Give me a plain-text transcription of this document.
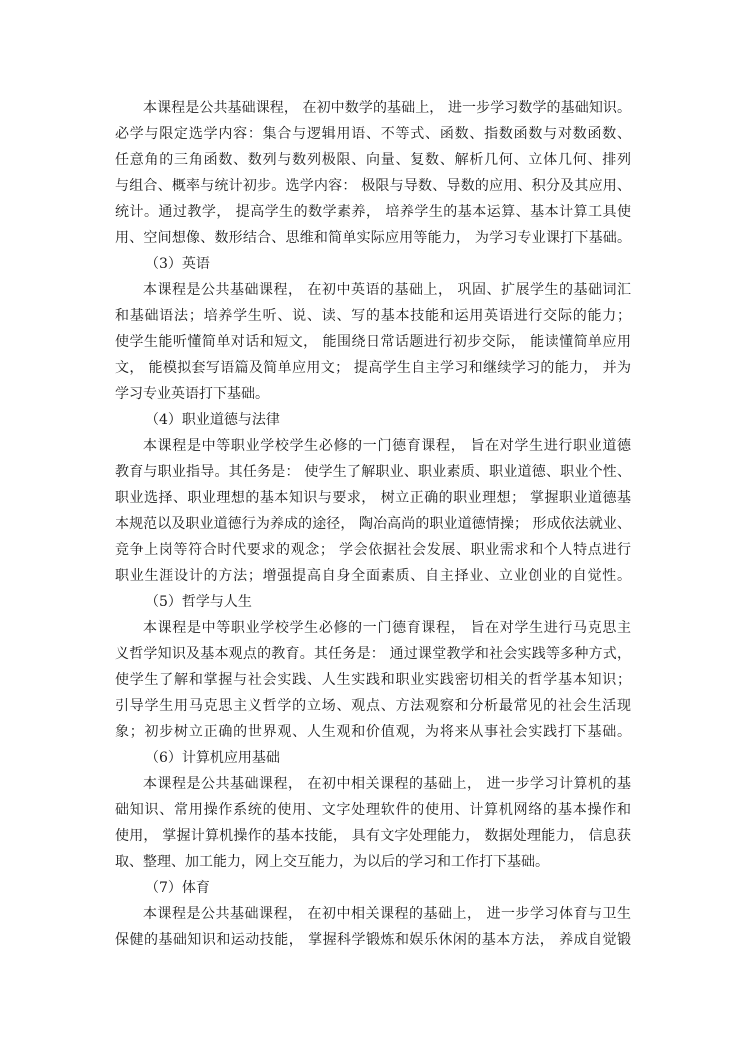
本课程是公共基础课程， 在初中数学的基础上， 进一步学习数学的基础知识。
必学与限定选学内容：集合与逻辑用语、不等式、函数、指数函数与对数函数、
任意角的三角函数、数列与数列极限、向量、复数、解析几何、立体几何、排列
与组合、概率与统计初步。选学内容： 极限与导数、导数的应用、积分及其应用、
统计。通过教学， 提高学生的数学素养， 培养学生的基本运算、基本计算工具使
用、空间想像、数形结合、思维和简单实际应用等能力， 为学习专业课打下基础。
（3）英语
本课程是公共基础课程， 在初中英语的基础上， 巩固、扩展学生的基础词汇
和基础语法；培养学生听、说、读、写的基本技能和运用英语进行交际的能力；
使学生能听懂简单对话和短文， 能围绕日常话题进行初步交际， 能读懂简单应用
文， 能模拟套写语篇及简单应用文； 提高学生自主学习和继续学习的能力， 并为
学习专业英语打下基础。
（4）职业道德与法律
本课程是中等职业学校学生必修的一门德育课程， 旨在对学生进行职业道德
教育与职业指导。其任务是： 使学生了解职业、职业素质、职业道德、职业个性、
职业选择、职业理想的基本知识与要求， 树立正确的职业理想； 掌握职业道德基
本规范以及职业道德行为养成的途径， 陶冶高尚的职业道德情操； 形成依法就业、
竞争上岗等符合时代要求的观念； 学会依据社会发展、职业需求和个人特点进行
职业生涯设计的方法；增强提高自身全面素质、自主择业、立业创业的自觉性。
（5）哲学与人生
本课程是中等职业学校学生必修的一门德育课程， 旨在对学生进行马克思主
义哲学知识及基本观点的教育。其任务是： 通过课堂教学和社会实践等多种方式，
使学生了解和掌握与社会实践、人生实践和职业实践密切相关的哲学基本知识；
引导学生用马克思主义哲学的立场、观点、方法观察和分析最常见的社会生活现
象；初步树立正确的世界观、人生观和价值观，为将来从事社会实践打下基础。
（6）计算机应用基础
本课程是公共基础课程， 在初中相关课程的基础上， 进一步学习计算机的基
础知识、常用操作系统的使用、文字处理软件的使用、计算机网络的基本操作和
使用， 掌握计算机操作的基本技能， 具有文字处理能力， 数据处理能力， 信息获
取、整理、加工能力，网上交互能力，为以后的学习和工作打下基础。
（7）体育
本课程是公共基础课程， 在初中相关课程的基础上， 进一步学习体育与卫生
保健的基础知识和运动技能， 掌握科学锻炼和娱乐休闲的基本方法， 养成自觉锻
